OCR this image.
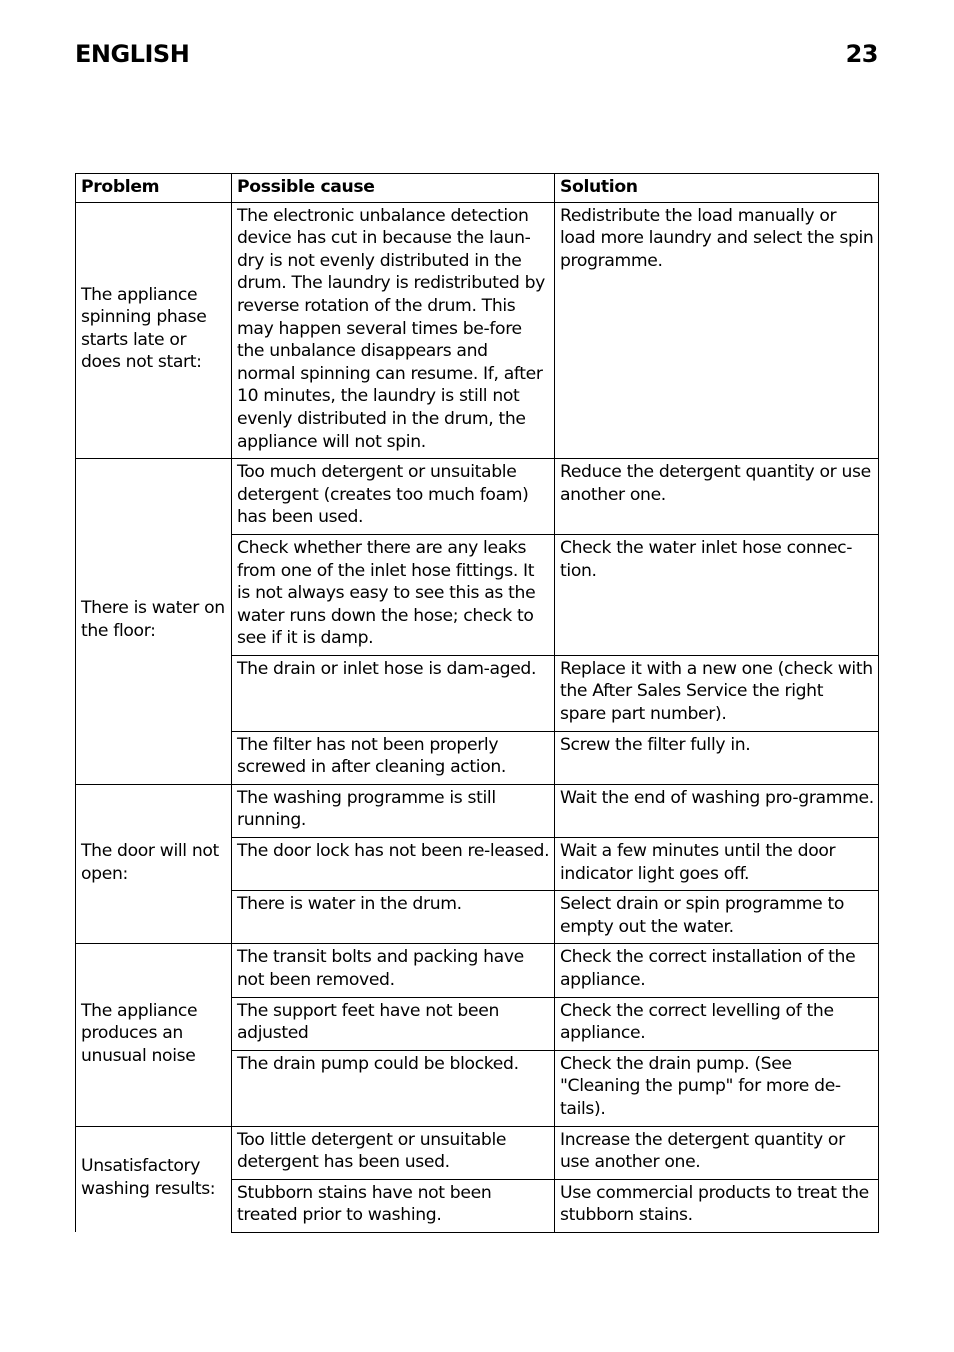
ENGLISH	23
Problem	Possible cause	Solution
The appliance spinning phase starts late or does not start:	The electronic unbalance detection device has cut in because the laun-dry is not evenly distributed in the drum. The laundry is redistributed by reverse rotation of the drum. This may happen several times be-fore the unbalance disappears and normal spinning can resume. If, after 10 minutes, the laundry is still not evenly distributed in the drum, the appliance will not spin.	Redistribute the load manually or load more laundry and select the spin programme.
There is water on the floor:	Too much detergent or unsuitable detergent (creates too much foam) has been used.	Reduce the detergent quantity or use another one.
	Check whether there are any leaks from one of the inlet hose fittings. It is not always easy to see this as the water runs down the hose; check to see if it is damp.	Check the water inlet hose connec-tion.
	The drain or inlet hose is dam-aged.	Replace it with a new one (check with the After Sales Service the right spare part number).
	The filter has not been properly screwed in after cleaning action.	Screw the filter fully in.
The door will not open:	The washing programme is still running.	Wait the end of washing pro-gramme.
	The door lock has not been re-leased.	Wait a few minutes until the door indicator light goes off.
	There is water in the drum.	Select drain or spin programme to empty out the water.
The appliance produces an unusual noise	The transit bolts and packing have not been removed.	Check the correct installation of the appliance.
	The support feet have not been adjusted	Check the correct levelling of the appliance.
	The drain pump could be blocked.	Check the drain pump. (See "Cleaning the pump" for more de-tails).
Unsatisfactory washing results:	Too little detergent or unsuitable detergent has been used.	Increase the detergent quantity or use another one.
	Stubborn stains have not been treated prior to washing.	Use commercial products to treat the stubborn stains.
